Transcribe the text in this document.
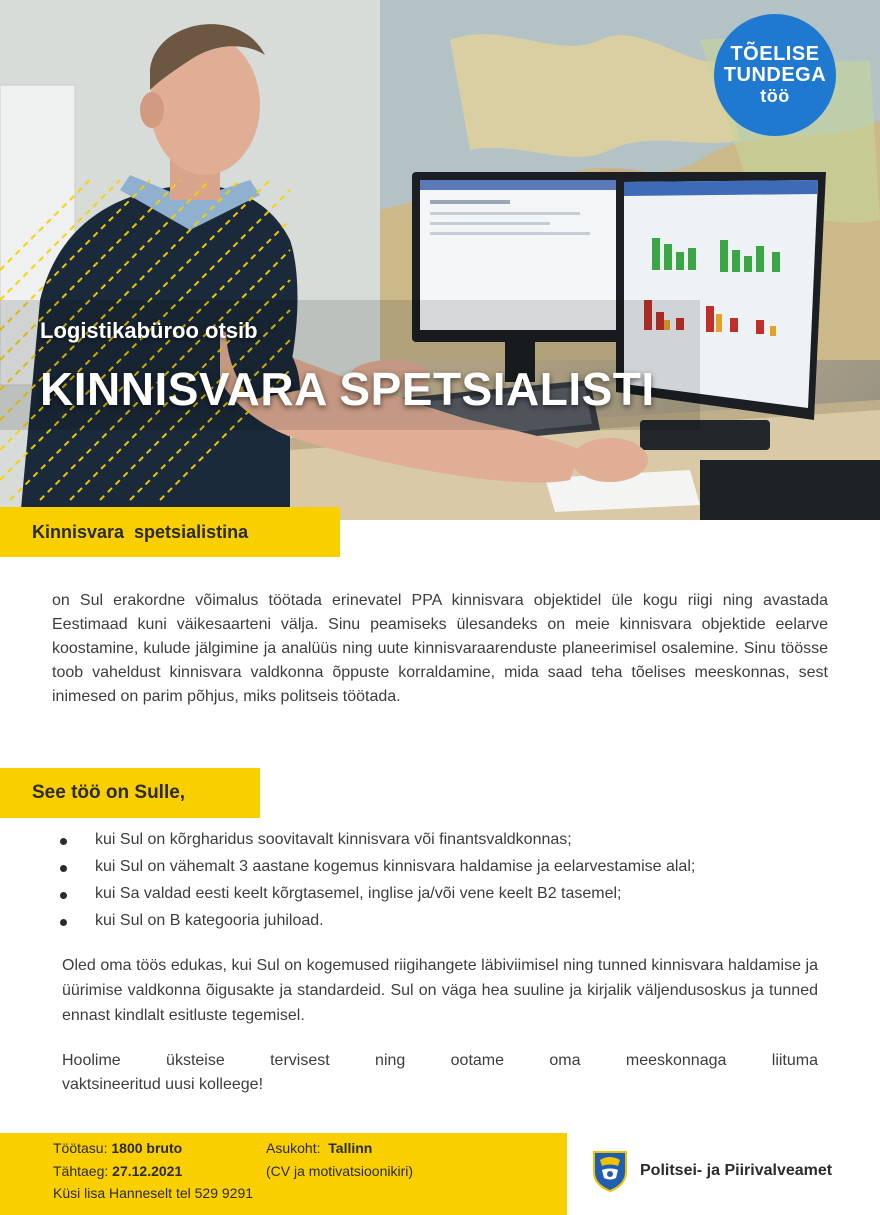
TÕELISE
TUNDEGA
töö
Logistikabüroo otsib
KINNISVARA SPETSIALISTI
Kinnisvara  spetsialistina
on Sul erakordne võimalus töötada erinevatel PPA kinnisvara objektidel üle kogu riigi ning avastada Eestimaad kuni väikesaarteni välja. Sinu peamiseks ülesandeks on meie kinnisvara objektide eelarve koostamine, kulude jälgimine ja analüüs ning uute kinnisvaraarenduste planeerimisel osalemine. Sinu töösse toob vaheldust kinnisvara valdkonna õppuste korraldamine, mida saad teha tõelises meeskonnas, sest inimesed on parim põhjus, miks politseis töötada.
See töö on Sulle,
kui Sul on kõrgharidus soovitavalt kinnisvara või finantsvaldkonnas;
kui Sul on vähemalt 3 aastane kogemus kinnisvara haldamise ja eelarvestamise alal;
kui Sa valdad eesti keelt kõrgtasemel, inglise ja/või vene keelt B2 tasemel;
kui Sul on B kategooria juhiload.
Oled oma töös edukas, kui Sul on kogemused riigihangete läbiviimisel ning tunned kinnisvara haldamise ja üürimise valdkonna õigusakte ja standardeid. Sul on väga hea suuline ja kirjalik väljendusoskus ja tunned ennast kindlalt esitluste tegemisel.
Hoolime üksteise tervisest ning ootame oma meeskonnaga liituma
vaktsineeritud uusi kolleege!
Töötasu: 1800 bruto
Tähtaeg: 27.12.2021
Küsi lisa Hanneselt tel 529 9291
Asukoht:  Tallinn
(CV ja motivatsioonikiri)	Politsei- ja Piirivalveamet
